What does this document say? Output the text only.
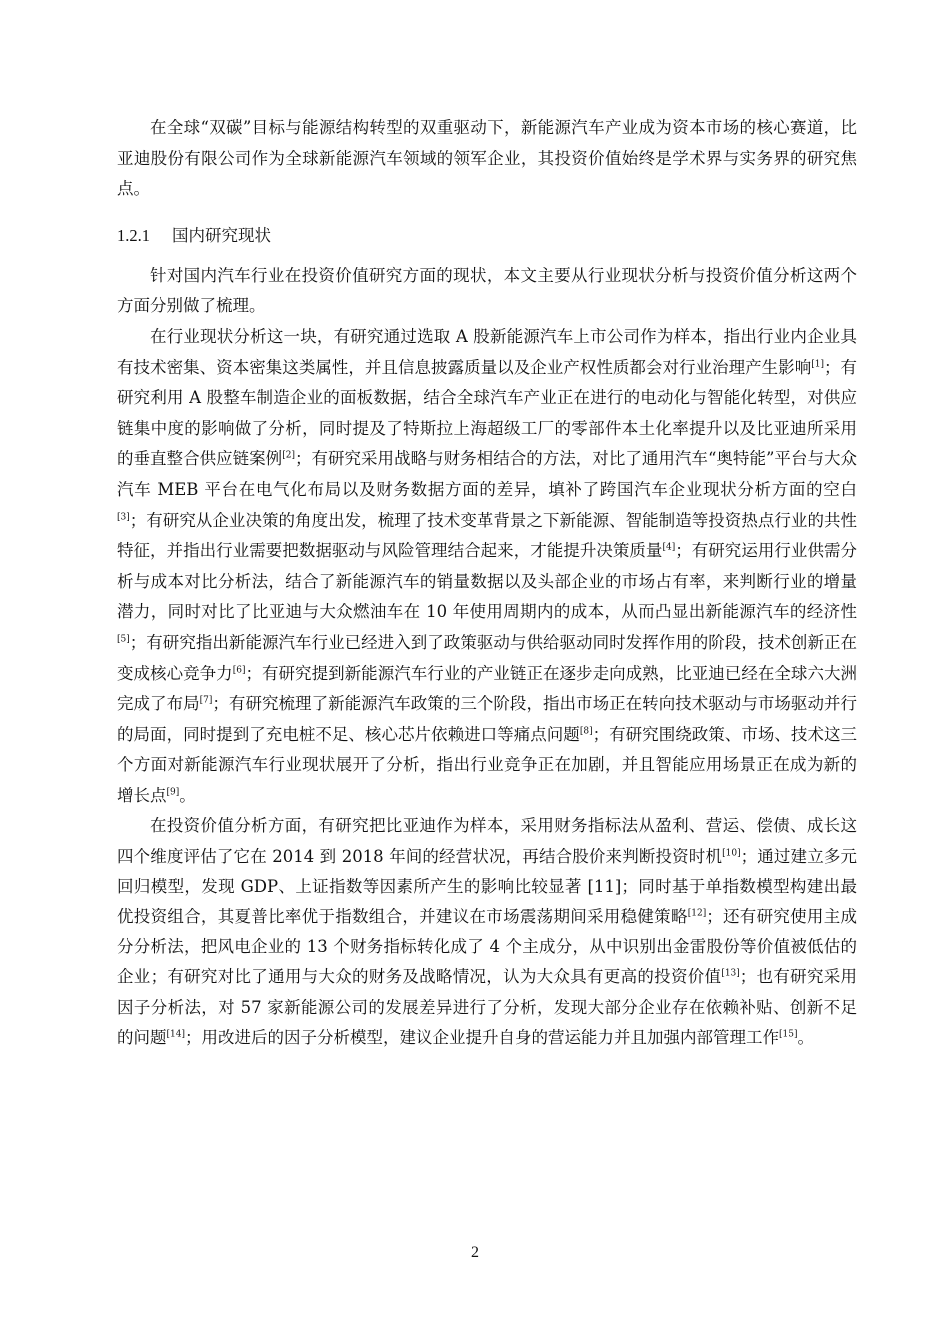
在全球“双碳”目标与能源结构转型的双重驱动下，新能源汽车产业成为资本市场的核心赛道，比亚迪股份有限公司作为全球新能源汽车领域的领军企业，其投资价值始终是学术界与实务界的研究焦点。

1.2.1 国内研究现状

针对国内汽车行业在投资价值研究方面的现状，本文主要从行业现状分析与投资价值分析这两个方面分别做了梳理。

在行业现状分析这一块，有研究通过选取 A 股新能源汽车上市公司作为样本，指出行业内企业具有技术密集、资本密集这类属性，并且信息披露质量以及企业产权性质都会对行业治理产生影响[1]；有研究利用 A 股整车制造企业的面板数据，结合全球汽车产业正在进行的电动化与智能化转型，对供应链集中度的影响做了分析，同时提及了特斯拉上海超级工厂的零部件本土化率提升以及比亚迪所采用的垂直整合供应链案例[2]；有研究采用战略与财务相结合的方法，对比了通用汽车“奥特能”平台与大众汽车 MEB 平台在电气化布局以及财务数据方面的差异，填补了跨国汽车企业现状分析方面的空白[3]；有研究从企业决策的角度出发，梳理了技术变革背景之下新能源、智能制造等投资热点行业的共性特征，并指出行业需要把数据驱动与风险管理结合起来，才能提升决策质量[4]；有研究运用行业供需分析与成本对比分析法，结合了新能源汽车的销量数据以及头部企业的市场占有率，来判断行业的增量潜力，同时对比了比亚迪与大众燃油车在 10 年使用周期内的成本，从而凸显出新能源汽车的经济性[5]；有研究指出新能源汽车行业已经进入到了政策驱动与供给驱动同时发挥作用的阶段，技术创新正在变成核心竞争力[6]；有研究提到新能源汽车行业的产业链正在逐步走向成熟，比亚迪已经在全球六大洲完成了布局[7]；有研究梳理了新能源汽车政策的三个阶段，指出市场正在转向技术驱动与市场驱动并行的局面，同时提到了充电桩不足、核心芯片依赖进口等痛点问题[8]；有研究围绕政策、市场、技术这三个方面对新能源汽车行业现状展开了分析，指出行业竞争正在加剧，并且智能应用场景正在成为新的增长点[9]。

在投资价值分析方面，有研究把比亚迪作为样本，采用财务指标法从盈利、营运、偿债、成长这四个维度评估了它在 2014 到 2018 年间的经营状况，再结合股价来判断投资时机[10]；通过建立多元回归模型，发现 GDP、上证指数等因素所产生的影响比较显著 [11]；同时基于单指数模型构建出最优投资组合，其夏普比率优于指数组合，并建议在市场震荡期间采用稳健策略[12]；还有研究使用主成分分析法，把风电企业的 13 个财务指标转化成了 4 个主成分，从中识别出金雷股份等价值被低估的企业；有研究对比了通用与大众的财务及战略情况，认为大众具有更高的投资价值[13]；也有研究采用因子分析法，对 57 家新能源公司的发展差异进行了分析，发现大部分企业存在依赖补贴、创新不足的问题[14]；用改进后的因子分析模型，建议企业提升自身的营运能力并且加强内部管理工作[15]。

2
